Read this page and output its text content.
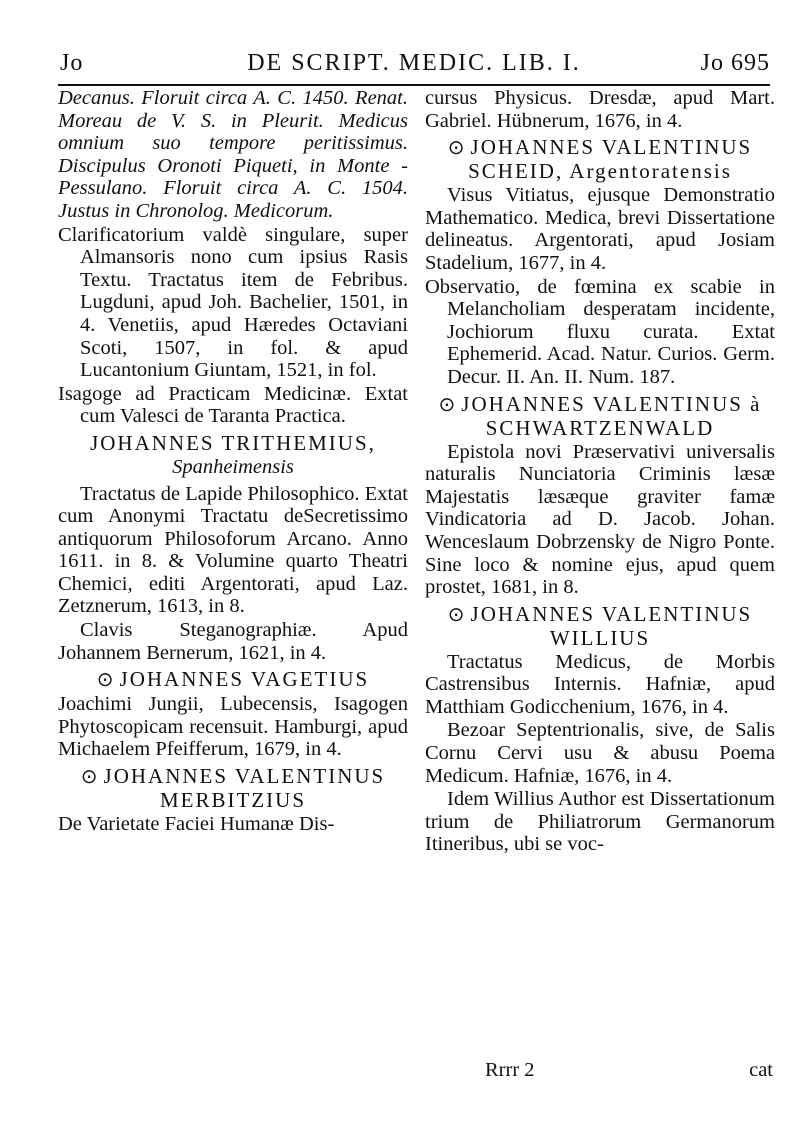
Jo	DE SCRIPT. MEDIC. LIB. I.	Jo 695

Decanus. Floruit circa A. C. 1450. Renat. Moreau de V. S. in Pleurit. Medicus omnium suo tempore peritissimus. Discipulus Oronoti Piqueti, in Monte - Pessulano. Floruit circa A. C. 1504. Justus in Chronolog. Medicorum.

Clarificatorium valdè singulare, super Almansoris nono cum ipsius Rasis Textu. Tractatus item de Febribus. Lugduni, apud Joh. Bachelier, 1501, in 4. Venetiis, apud Hæredes Octaviani Scoti, 1507, in fol. & apud Lucantonium Giuntam, 1521, in fol.

Isagoge ad Practicam Medicinæ. Extat cum Valesci de Taranta Practica.

JOHANNES TRITHEMIUS,
Spanheimensis

Tractatus de Lapide Philosophico. Extat cum Anonymi Tractatu deSecretissimo antiquorum Philosoforum Arcano. Anno 1611. in 8. & Volumine quarto Theatri Chemici, editi Argentorati, apud Laz. Zetznerum, 1613, in 8.

Clavis Steganographiæ. Apud Johannem Bernerum, 1621, in 4.

⊙ JOHANNES VAGETIUS

Joachimi Jungii, Lubecensis, Isagogen Phytoscopicam recensuit. Hamburgi, apud Michaelem Pfeifferum, 1679, in 4.

⊙ JOHANNES VALENTINUS MERBITZIUS

De Varietate Faciei Humanæ Dis-

cursus Physicus. Dresdæ, apud Mart. Gabriel. Hübnerum, 1676, in 4.

⊙ JOHANNES VALENTINUS SCHEID, Argentoratensis

Visus Vitiatus, ejusque Demonstratio Mathematico. Medica, brevi Dissertatione delineatus. Argentorati, apud Josiam Stadelium, 1677, in 4.

Observatio, de fœmina ex scabie in Melancholiam desperatam incidente, Jochiorum fluxu curata. Extat Ephemerid. Acad. Natur. Curios. Germ. Decur. II. An. II. Num. 187.

⊙ JOHANNES VALENTINUS à SCHWARTZENWALD

Epistola novi Præservativi universalis naturalis Nunciatoria Criminis læsæ Majestatis læsæque graviter famæ Vindicatoria ad D. Jacob. Johan. Wenceslaum Dobrzensky de Nigro Ponte. Sine loco & nomine ejus, apud quem prostet, 1681, in 8.

⊙ JOHANNES VALENTINUS WILLIUS

Tractatus Medicus, de Morbis Castrensibus Internis. Hafniæ, apud Matthiam Godicchenium, 1676, in 4.

Bezoar Septentrionalis, sive, de Salis Cornu Cervi usu & abusu Poema Medicum. Hafniæ, 1676, in 4.

Idem Willius Author est Dissertationum trium de Philiatrorum Germanorum Itineribus, ubi se voc-

Rrrr 2	cat
